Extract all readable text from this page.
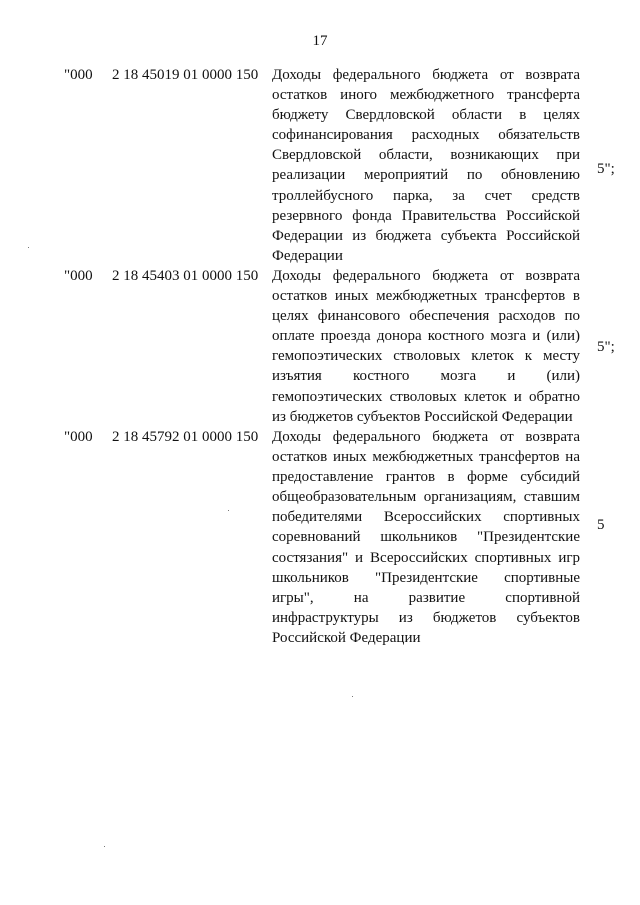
17
"000 2 18 45019 01 0000 150 Доходы федерального бюджета от возврата остатков иного межбюджетного трансферта бюджету Свердловской области в целях софинансирования расходных обязательств Свердловской области, возникающих при реализации мероприятий по обновлению троллейбусного парка, за счет средств резервного фонда Правительства Российской Федерации из бюджета субъекта Российской Федерации
5";
"000 2 18 45403 01 0000 150 Доходы федерального бюджета от возврата остатков иных межбюджетных трансфертов в целях финансового обеспечения расходов по оплате проезда донора костного мозга и (или) гемопоэтических стволовых клеток к месту изъятия костного мозга и (или) гемопоэтических стволовых клеток и обратно из бюджетов субъектов Российской Федерации
5";
"000 2 18 45792 01 0000 150 Доходы федерального бюджета от возврата остатков иных межбюджетных трансфертов на предоставление грантов в форме субсидий общеобразовательным организациям, ставшим победителями Всероссийских спортивных соревнований школьников "Президентские состязания" и Всероссийских спортивных игр школьников "Президентские спортивные игры", на развитие спортивной инфраструктуры из бюджетов субъектов Российской Федерации
5
